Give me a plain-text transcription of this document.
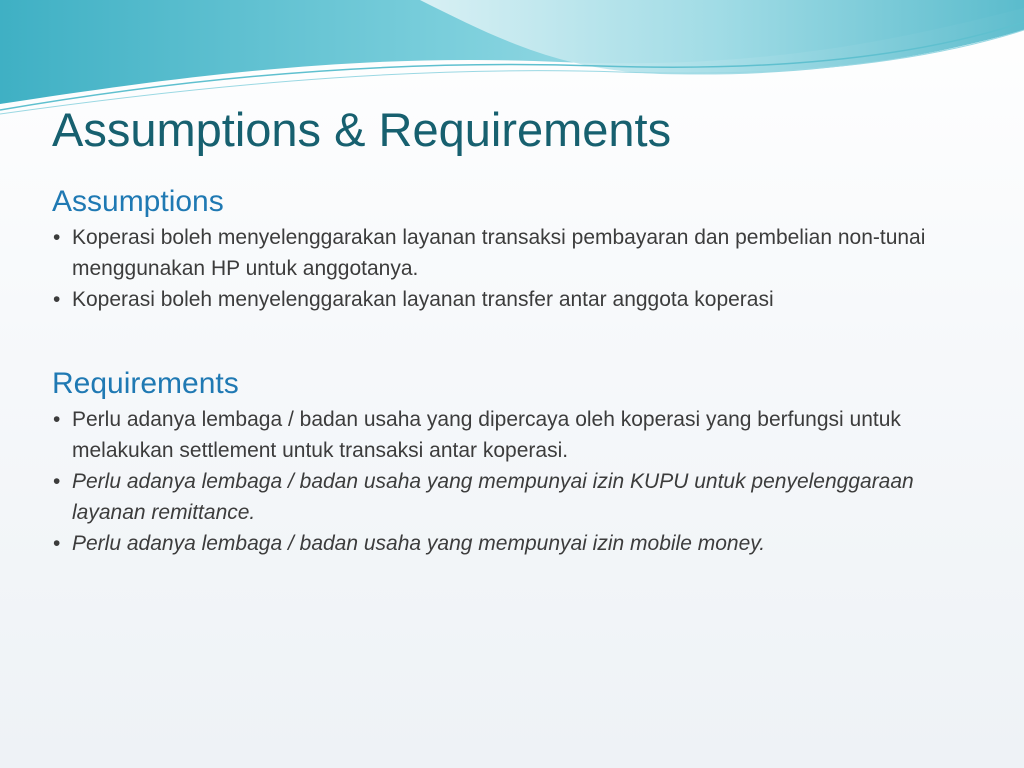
Assumptions & Requirements
Assumptions
• Koperasi boleh menyelenggarakan layanan transaksi pembayaran dan pembelian non-tunai menggunakan HP untuk anggotanya.
• Koperasi boleh menyelenggarakan layanan transfer antar anggota koperasi
Requirements
• Perlu adanya lembaga / badan usaha yang dipercaya oleh koperasi yang berfungsi untuk melakukan settlement untuk transaksi antar koperasi.
• Perlu adanya lembaga / badan usaha yang mempunyai izin KUPU untuk penyelenggaraan layanan remittance.
• Perlu adanya lembaga / badan usaha yang mempunyai izin mobile money.
